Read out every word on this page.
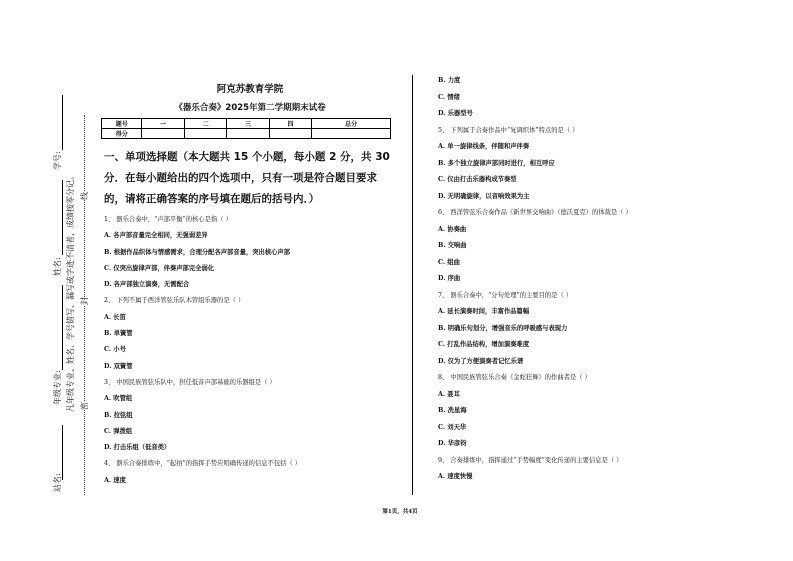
站名:
年级专业:
姓名:
学号:
凡年级专业、姓名、学号错写、漏写或字迹不清者，成绩按零分记。 密
封
线
阿克苏教育学院
《器乐合奏》2025年第二学期期末试卷
题号	一	二	三	四	总分
得分					
一、单项选择题（本大题共 15 个小题，每小题 2 分，共 30 分．在每小题给出的四个选项中，只有一项是符合题目要求的，请将正确答案的序号填在题后的括号内．）
1、 器乐合奏中，“声部平衡”的核心是指（ ）
A. 各声部音量完全相同，无强弱差异
B. 根据作品织体与情感需求，合理分配各声部音量，突出核心声部
C. 仅突出旋律声部，伴奏声部完全弱化
D. 各声部独立演奏，无需配合
2、 下列不属于西洋管弦乐队木管组乐器的是（ ）
A. 长笛
B. 单簧管
C. 小号
D. 双簧管
3、 中国民族管弦乐队中，担任低音声部基础的乐器组是（ ）
A. 吹管组
B. 拉弦组
C. 弹拨组
D. 打击乐组（低音类）
4、 器乐合奏排练中，“起拍”的指挥手势应明确传递的信息不包括（ ）
A. 速度
B. 力度
C. 情绪
D. 乐器型号
5、 下列属于合奏作品中“复调织体”特点的是（ ）
A. 单一旋律线条，伴随和声伴奏
B. 多个独立旋律声部同时进行，相互呼应
C. 仅由打击乐器构成节奏型
D. 无明确旋律，以音响效果为主
6、 西洋管弦乐合奏作品《新世界交响曲》（德沃夏克）的体裁是（ ）
A. 协奏曲
B. 交响曲
C. 组曲
D. 序曲
7、 器乐合奏中，“分句处理”的主要目的是（ ）
A. 延长演奏时间，丰富作品篇幅
B. 明确乐句划分，增强音乐的呼吸感与表现力
C. 打乱作品结构，增加演奏难度
D. 仅为了方便演奏者记忆乐谱
8、 中国民族管弦乐合奏《金蛇狂舞》的作曲者是（ ）
A. 聂耳
B. 冼星海
C. 刘天华
D. 华彦钧
9、 合奏排练中，指挥通过“手势幅度”变化传递的主要信息是（ ）
A. 速度快慢
第1页，共4页
